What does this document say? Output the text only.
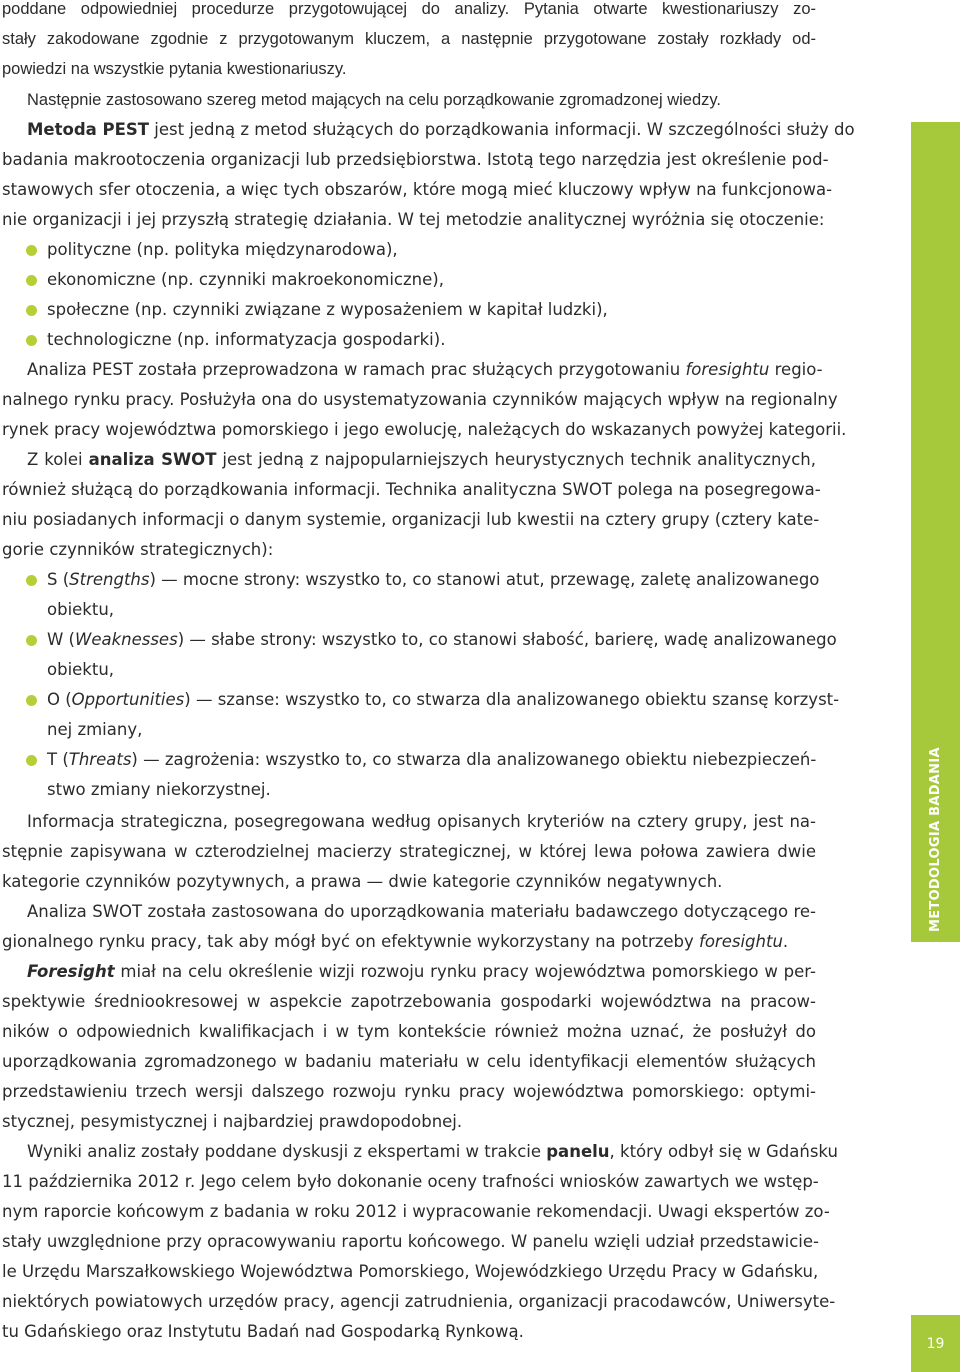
poddane odpowiedniej procedurze przygotowującej do analizy. Pytania otwarte kwestionariuszy zo-
stały zakodowane zgodnie z przygotowanym kluczem, a następnie przygotowane zostały rozkłady od-
powiedzi na wszystkie pytania kwestionariuszy.
Następnie zastosowano szereg metod mających na celu porządkowanie zgromadzonej wiedzy.
Metoda PEST jest jedną z metod służących do porządkowania informacji. W szczególności służy do
badania makrootoczenia organizacji lub przedsiębiorstwa. Istotą tego narzędzia jest określenie pod-
stawowych sfer otoczenia, a więc tych obszarów, które mogą mieć kluczowy wpływ na funkcjonowa-
nie organizacji i jej przyszłą strategię działania. W tej metodzie analitycznej wyróżnia się otoczenie:
polityczne (np. polityka międzynarodowa),
ekonomiczne (np. czynniki makroekonomiczne),
społeczne (np. czynniki związane z wyposażeniem w kapitał ludzki),
technologiczne (np. informatyzacja gospodarki).
Analiza PEST została przeprowadzona w ramach prac służących przygotowaniu foresightu regio-
nalnego rynku pracy. Posłużyła ona do usystematyzowania czynników mających wpływ na regionalny
rynek pracy województwa pomorskiego i jego ewolucję, należących do wskazanych powyżej kategorii.
Z kolei analiza SWOT jest jedną z najpopularniejszych heurystycznych technik analitycznych,
również służącą do porządkowania informacji. Technika analityczna SWOT polega na posegregowa-
niu posiadanych informacji o danym systemie, organizacji lub kwestii na cztery grupy (cztery kate-
gorie czynników strategicznych):
S (Strengths) — mocne strony: wszystko to, co stanowi atut, przewagę, zaletę analizowanego
obiektu,
W (Weaknesses) — słabe strony: wszystko to, co stanowi słabość, barierę, wadę analizowanego
obiektu,
O (Opportunities) — szanse: wszystko to, co stwarza dla analizowanego obiektu szansę korzyst-
nej zmiany,
T (Threats) — zagrożenia: wszystko to, co stwarza dla analizowanego obiektu niebezpieczeń-
stwo zmiany niekorzystnej.
Informacja strategiczna, posegregowana według opisanych kryteriów na cztery grupy, jest na-
stępnie zapisywana w czterodzielnej macierzy strategicznej, w której lewa połowa zawiera dwie
kategorie czynników pozytywnych, a prawa — dwie kategorie czynników negatywnych.
Analiza SWOT została zastosowana do uporządkowania materiału badawczego dotyczącego re-
gionalnego rynku pracy, tak aby mógł być on efektywnie wykorzystany na potrzeby foresightu.
Foresight miał na celu określenie wizji rozwoju rynku pracy województwa pomorskiego w per-
spektywie średniookresowej w aspekcie zapotrzebowania gospodarki województwa na pracow-
ników o odpowiednich kwalifikacjach i w tym kontekście również można uznać, że posłużył do
uporządkowania zgromadzonego w badaniu materiału w celu identyfikacji elementów służących
przedstawieniu trzech wersji dalszego rozwoju rynku pracy województwa pomorskiego: optymi-
stycznej, pesymistycznej i najbardziej prawdopodobnej.
Wyniki analiz zostały poddane dyskusji z ekspertami w trakcie panelu, który odbył się w Gdańsku
11 października 2012 r. Jego celem było dokonanie oceny trafności wniosków zawartych we wstęp-
nym raporcie końcowym z badania w roku 2012 i wypracowanie rekomendacji. Uwagi ekspertów zo-
stały uwzględnione przy opracowywaniu raportu końcowego. W panelu wzięli udział przedstawicie-
le Urzędu Marszałkowskiego Województwa Pomorskiego, Wojewódzkiego Urzędu Pracy w Gdańsku,
niektórych powiatowych urzędów pracy, agencji zatrudnienia, organizacji pracodawców, Uniwersyte-
tu Gdańskiego oraz Instytutu Badań nad Gospodarką Rynkową.
METODOLOGIA BADANIA
19
